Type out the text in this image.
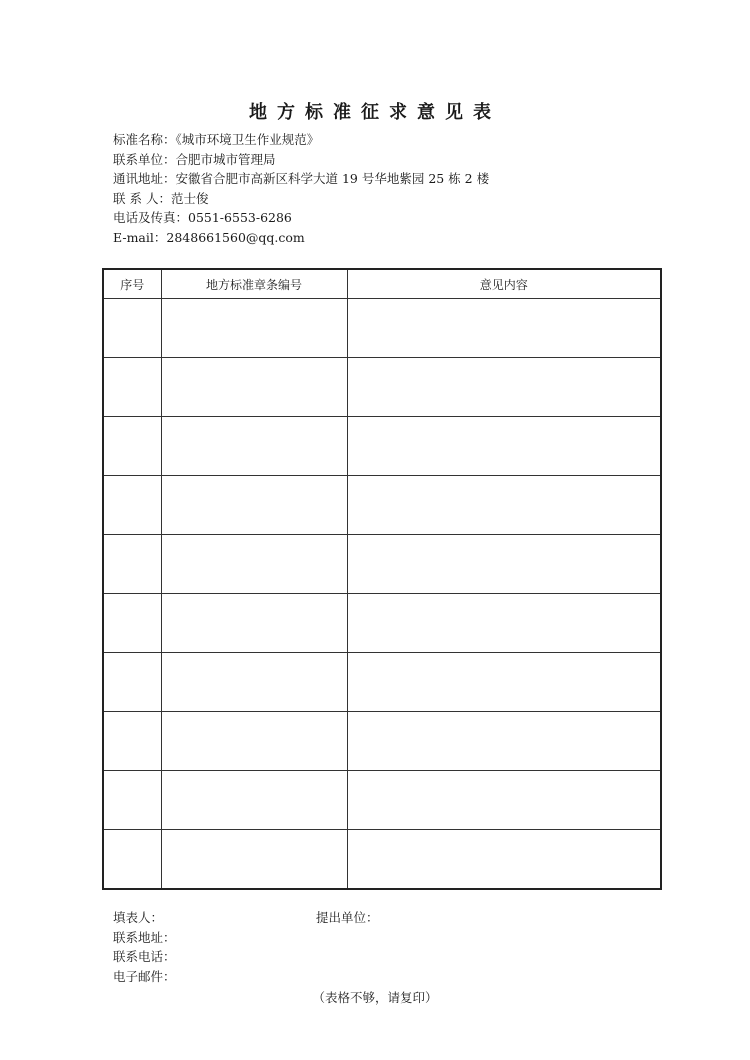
地方标准征求意见表
标准名称：《城市环境卫生作业规范》
联系单位：合肥市城市管理局
通讯地址：安徽省合肥市高新区科学大道 19 号华地紫园 25 栋 2 楼
联 系 人：范士俊
电话及传真：0551-6553-6286
E-mail：2848661560@qq.com
序号	地方标准章条编号	意见内容

填表人：	提出单位：
联系地址：
联系电话：
电子邮件：
（表格不够，请复印）
